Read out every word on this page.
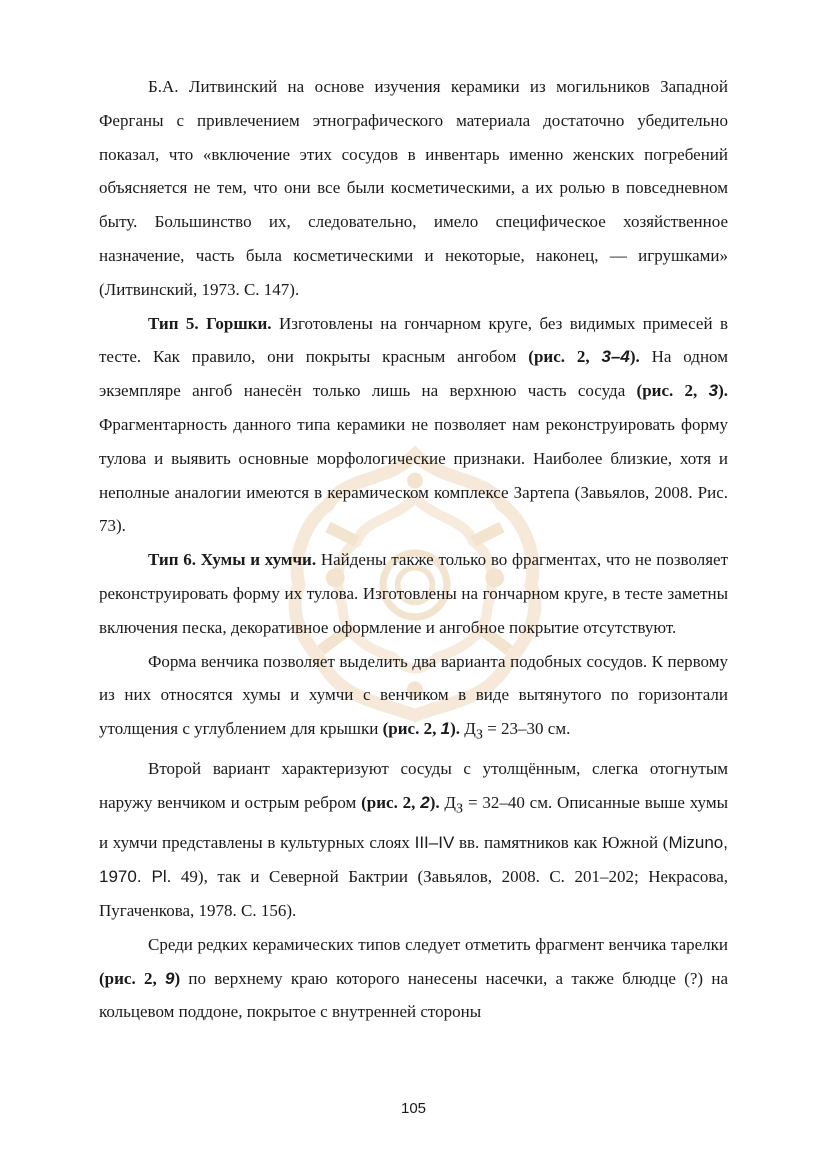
Б.А. Литвинский на основе изучения керамики из могильников Западной Ферганы с привлечением этнографического материала достаточно убедительно показал, что «включение этих сосудов в инвентарь именно женских погребений объясняется не тем, что они все были косметическими, а их ролью в повседневном быту. Большинство их, следовательно, имело специфическое хозяйственное назначение, часть была косметическими и некоторые, наконец, — игрушками» (Литвинский, 1973. С. 147).

Тип 5. Горшки. Изготовлены на гончарном круге, без видимых примесей в тесте. Как правило, они покрыты красным ангобом (рис. 2, 3–4). На одном экземпляре ангоб нанесён только лишь на верхнюю часть сосуда (рис. 2, 3). Фрагментарность данного типа керамики не позволяет нам реконструировать форму тулова и выявить основные морфологические признаки. Наиболее близкие, хотя и неполные аналогии имеются в керамическом комплексе Зартепа (Завьялов, 2008. Рис. 73).

Тип 6. Хумы и хумчи. Найдены также только во фрагментах, что не позволяет реконструировать форму их тулова. Изготовлены на гончарном круге, в тесте заметны включения песка, декоративное оформление и ангобное покрытие отсутствуют.

Форма венчика позволяет выделить два варианта подобных сосудов. К первому из них относятся хумы и хумчи с венчиком в виде вытянутого по горизонтали утолщения с углублением для крышки (рис. 2, 1). $Д_З = 23-30$ см.

Второй вариант характеризуют сосуды с утолщённым, слегка отогнутым наружу венчиком и острым ребром (рис. 2, 2). $Д_З = 32-40$ см. Описанные выше хумы и хумчи представлены в культурных слоях III–IV вв. памятников как Южной (Mizuno, 1970. Pl. 49), так и Северной Бактрии (Завьялов, 2008. С. 201–202; Некрасова, Пугаченкова, 1978. С. 156).

Среди редких керамических типов следует отметить фрагмент венчика тарелки (рис. 2, 9) по верхнему краю которого нанесены насечки, а также блюдце (?) на кольцевом поддоне, покрытое с внутренней стороны

105
